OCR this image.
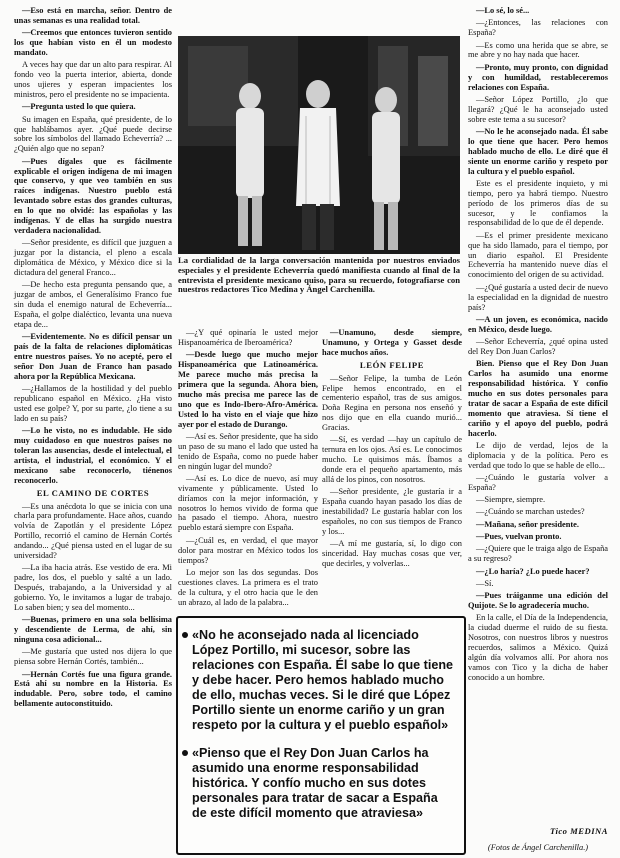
—Eso está en marcha, señor. Dentro de unas semanas es una realidad total.

—Creemos que entonces tuvieron sentido los que habían visto en él un modesto mandato.

A veces hay que dar un alto para respirar. Al fondo veo la puerta interior, abierta, donde unos ujieres y esperan impacientes los ministros, pero el presidente no se impacienta.

—Pregunta usted lo que quiera.

Su imagen en España, qué presidente, de lo que hablábamos ayer. ¿Qué puede decirse sobre los símbolos del llamado Echeverría? ... ¿Quién algo que no sepan?

—Pues dígales que es fácilmente explicable el origen indígena de mi imagen que conservo, y que veo también en sus raíces indígenas. Nuestro pueblo está levantado sobre estas dos grandes culturas, en lo que no olvidé: las españolas y las indígenas. Y de ellas ha surgido nuestra verdadera nacionalidad.

—Señor presidente, es difícil que juzguen a juzgar por la distancia, el pleno a escala diplomática de México, y México dice si la dictadura del general Franco...

—De hecho esta pregunta pensando que, a juzgar de ambos, el Generalísimo Franco fue sin duda el enemigo natural de Echeverría... España, el golpe dialéctico, levanta una nueva etapa de...

—Evidentemente. No es difícil pensar un país de la falta de relaciones diplomáticas entre nuestros países. Yo no acepté, pero el señor Don Juan de Franco han pasado ahora por la República Mexicana.

—¿Hallamos de la hostilidad y del pueblo republicano español en México. ¿Ha visto usted ese golpe? Y, por su parte, ¿lo tiene a su lado en su país?

—Lo he visto, no es indudable. He sido muy cuidadoso en que nuestros países no toleran las ausencias, desde el intelectual, el artista, el industrial, el económico. Y el mexicano sabe reconocerlo, tiénenos reconocerlo.

EL CAMINO DE CORTES

—Es una anécdota lo que se inicia con una charla para profundamente. Hace años, cuando volvía de Zapotlán y el presidente López Portillo, recorrió el camino de Hernán Cortés andando... ¿Qué piensa usted en el lugar de su universidad?

—La iba hacia atrás. Ese vestido de era. Mi padre, los dos, el pueblo y salté a un lado. Después, trabajando, a la Universidad y al gobierno. Yo, le invitamos a lugar de trabajo. Lo saben bien; y sea del momento...

—Buenas, primero en una sola bellísima y descendiente de Lerma, de ahí, sin ninguna cosa adicional...

—Me gustaría que usted nos dijera lo que piensa sobre Hernán Cortés, también...

—Hernán Cortés fue una figura grande. Está ahí su nombre en la Historia. Es indudable. Pero, sobre todo, el camino bellamente autoconstituido.

La cordialidad de la larga conversación mantenida por nuestros enviados especiales y el presidente Echeverría quedó manifiesta cuando al final de la entrevista el presidente mexicano quiso, para su recuerdo, fotografiarse con nuestros redactores Tico Medina y Ángel Carchenilla.

—¿Y qué opinaría le usted mejor Hispanoamérica de Iberoamérica?

—Desde luego que mucho mejor Hispanoamérica que Latinoamérica. Me parece mucho más precisa la primera que la segunda. Ahora bien, mucho más precisa me parece las de uno que es Indo-Ibero-Afro-América. Usted lo ha visto en el viaje que hizo ayer por el estado de Durango.

—Así es. Señor presidente, que ha sido un paso de su mano el lado que usted ha tenido de España, como no puede haber en ningún lugar del mundo?

—Así es. Lo dice de nuevo, así muy vivamente y públicamente. Usted lo diríamos con la mejor información, y nosotros lo hemos vivido de forma que ha pasado el tiempo. Ahora, nuestro pueblo estará siempre con España.

—¿Cuál es, en verdad, el que mayor dolor para mostrar en México todos los tiempos?

Lo mejor son las dos segundas. Dos cuestiones claves. La primera es el trato de la cultura, y el otro hacia que le den un abrazo, al lado de la palabra...

—Unamuno, desde siempre, Unamuno, y Ortega y Gasset desde hace muchos años.

LEÓN FELIPE

—Señor Felipe, la tumba de León Felipe hemos encontrado, en el cementerio español, tras de sus amigos. Doña Regina en persona nos enseñó y nos dijo que en ella cuando murió... Gracias.

—Sí, es verdad —hay un capítulo de ternura en los ojos. Así es. Le conocimos mucho. Le quisimos más. Íbamos a donde era el pequeño apartamento, más allá de los pinos, con nosotros.

—Señor presidente, ¿le gustaría ir a España cuando hayan pasado los días de inestabilidad? Le gustaría hablar con los españoles, no con sus tiempos de Franco y los...

—A mí me gustaría, sí, lo digo con sinceridad. Hay muchas cosas que ver, que decirles, y volverlas...

«No he aconsejado nada al licenciado López Portillo, mi sucesor, sobre las relaciones con España. Él sabe lo que tiene y debe hacer. Pero hemos hablado mucho de ello, muchas veces. Si le diré que López Portillo siente un enorme cariño y un gran respeto por la cultura y el pueblo español»
«Pienso que el Rey Don Juan Carlos ha asumido una enorme responsabilidad histórica. Y confío mucho en sus dotes personales para tratar de sacar a España de este difícil momento que atraviesa»

—Lo sé, lo sé...

—¿Entonces, las relaciones con España?

—Es como una herida que se abre, se me abre y no hay nada que hacer.

—Pronto, muy pronto, con dignidad y con humildad, restableceremos relaciones con España.

—Señor López Portillo, ¿lo que llegará? ¿Qué le ha aconsejado usted sobre este tema a su sucesor?

—No le he aconsejado nada. Él sabe lo que tiene que hacer. Pero hemos hablado mucho de ello. Le diré que él siente un enorme cariño y respeto por la cultura y el pueblo español.

Este es el presidente inquieto, y mi tiempo, pero ya habrá tiempo. Nuestro período de los primeros días de su sucesor, y le confiamos la responsabilidad de lo que de él depende.

—Es el primer presidente mexicano que ha sido llamado, para el tiempo, por un diario español. El Presidente Echeverría ha mantenido nueve días el conocimiento del origen de su actividad.

—¿Qué gustaría a usted decir de nuevo la especialidad en la dignidad de nuestro país?

—A un joven, es económica, nacido en México, desde luego.

—Señor Echeverría, ¿qué opina usted del Rey Don Juan Carlos?

Bien. Pienso que el Rey Don Juan Carlos ha asumido una enorme responsabilidad histórica. Y confío mucho en sus dotes personales para tratar de sacar a España de este difícil momento que atraviesa. Sí tiene el cariño y el apoyo del pueblo, podrá hacerlo.

Le dijo de verdad, lejos de la diplomacia y de la política. Pero es verdad que todo lo que se hable de ello...

—¿Cuándo le gustaría volver a España?

—Siempre, siempre.

—¿Cuándo se marchan ustedes?

—Mañana, señor presidente.

—Pues, vuelvan pronto.

—¿Quiere que le traiga algo de España a su regreso?

—¿Lo haría? ¿Lo puede hacer?

—Sí.

—Pues tráiganme una edición del Quijote. Se lo agradecería mucho.

En la calle, el Día de la Independencia, la ciudad duerme el ruido de su fiesta. Nosotros, con nuestros libros y nuestros recuerdos, salimos a México. Quizá algún día volvamos allí. Por ahora nos vamos con Tico y la dicha de haber conocido a un hombre.

Tico MEDINA
(Fotos de Ángel Carchenilla.)
